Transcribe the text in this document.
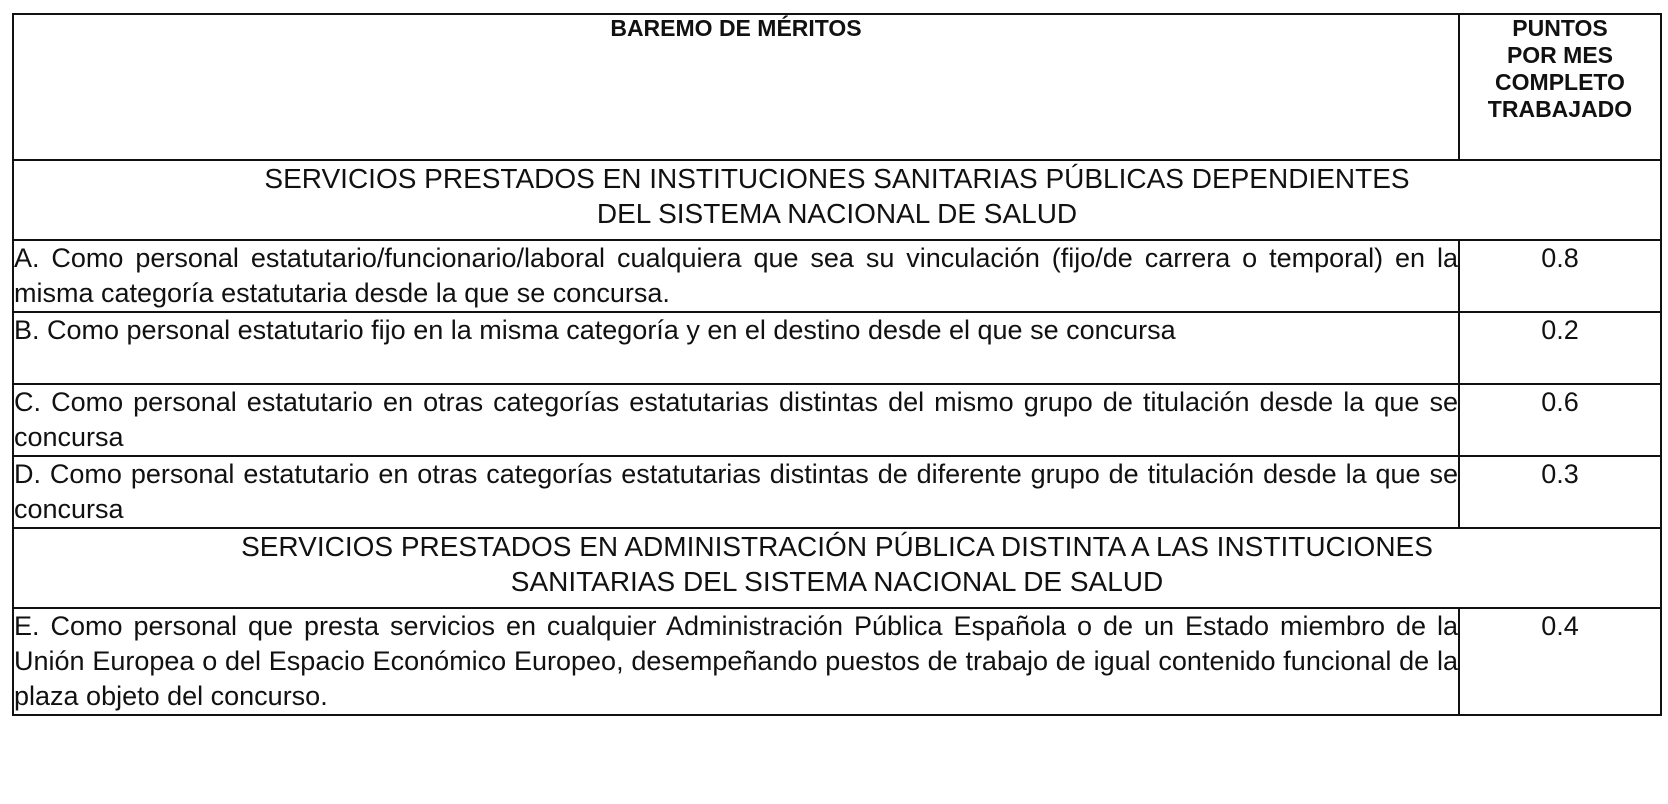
BAREMO DE MÉRITOS	PUNTOS
POR MES
COMPLETO
TRABAJADO

SERVICIOS PRESTADOS EN INSTITUCIONES SANITARIAS PÚBLICAS DEPENDIENTES
DEL SISTEMA NACIONAL DE SALUD	

A. Como personal estatutario/funcionario/laboral cualquiera que sea su vinculación (fijo/de carrera o temporal) en la misma categoría estatutaria desde la que se concursa.	0.8
B. Como personal estatutario fijo en la misma categoría y en el destino desde el que se concursa	0.2
C. Como personal estatutario en otras categorías estatutarias distintas del mismo grupo de titulación desde la que se concursa	0.6
D. Como personal estatutario en otras categorías estatutarias distintas de diferente grupo de titulación desde la que se concursa	0.3

SERVICIOS PRESTADOS EN ADMINISTRACIÓN PÚBLICA DISTINTA A LAS INSTITUCIONES
SANITARIAS DEL SISTEMA NACIONAL DE SALUD	

E. Como personal que presta servicios en cualquier Administración Pública Española o de un Estado miembro de la Unión Europea o del Espacio Económico Europeo, desempeñando puestos de trabajo de igual contenido funcional de la plaza objeto del concurso.	0.4
